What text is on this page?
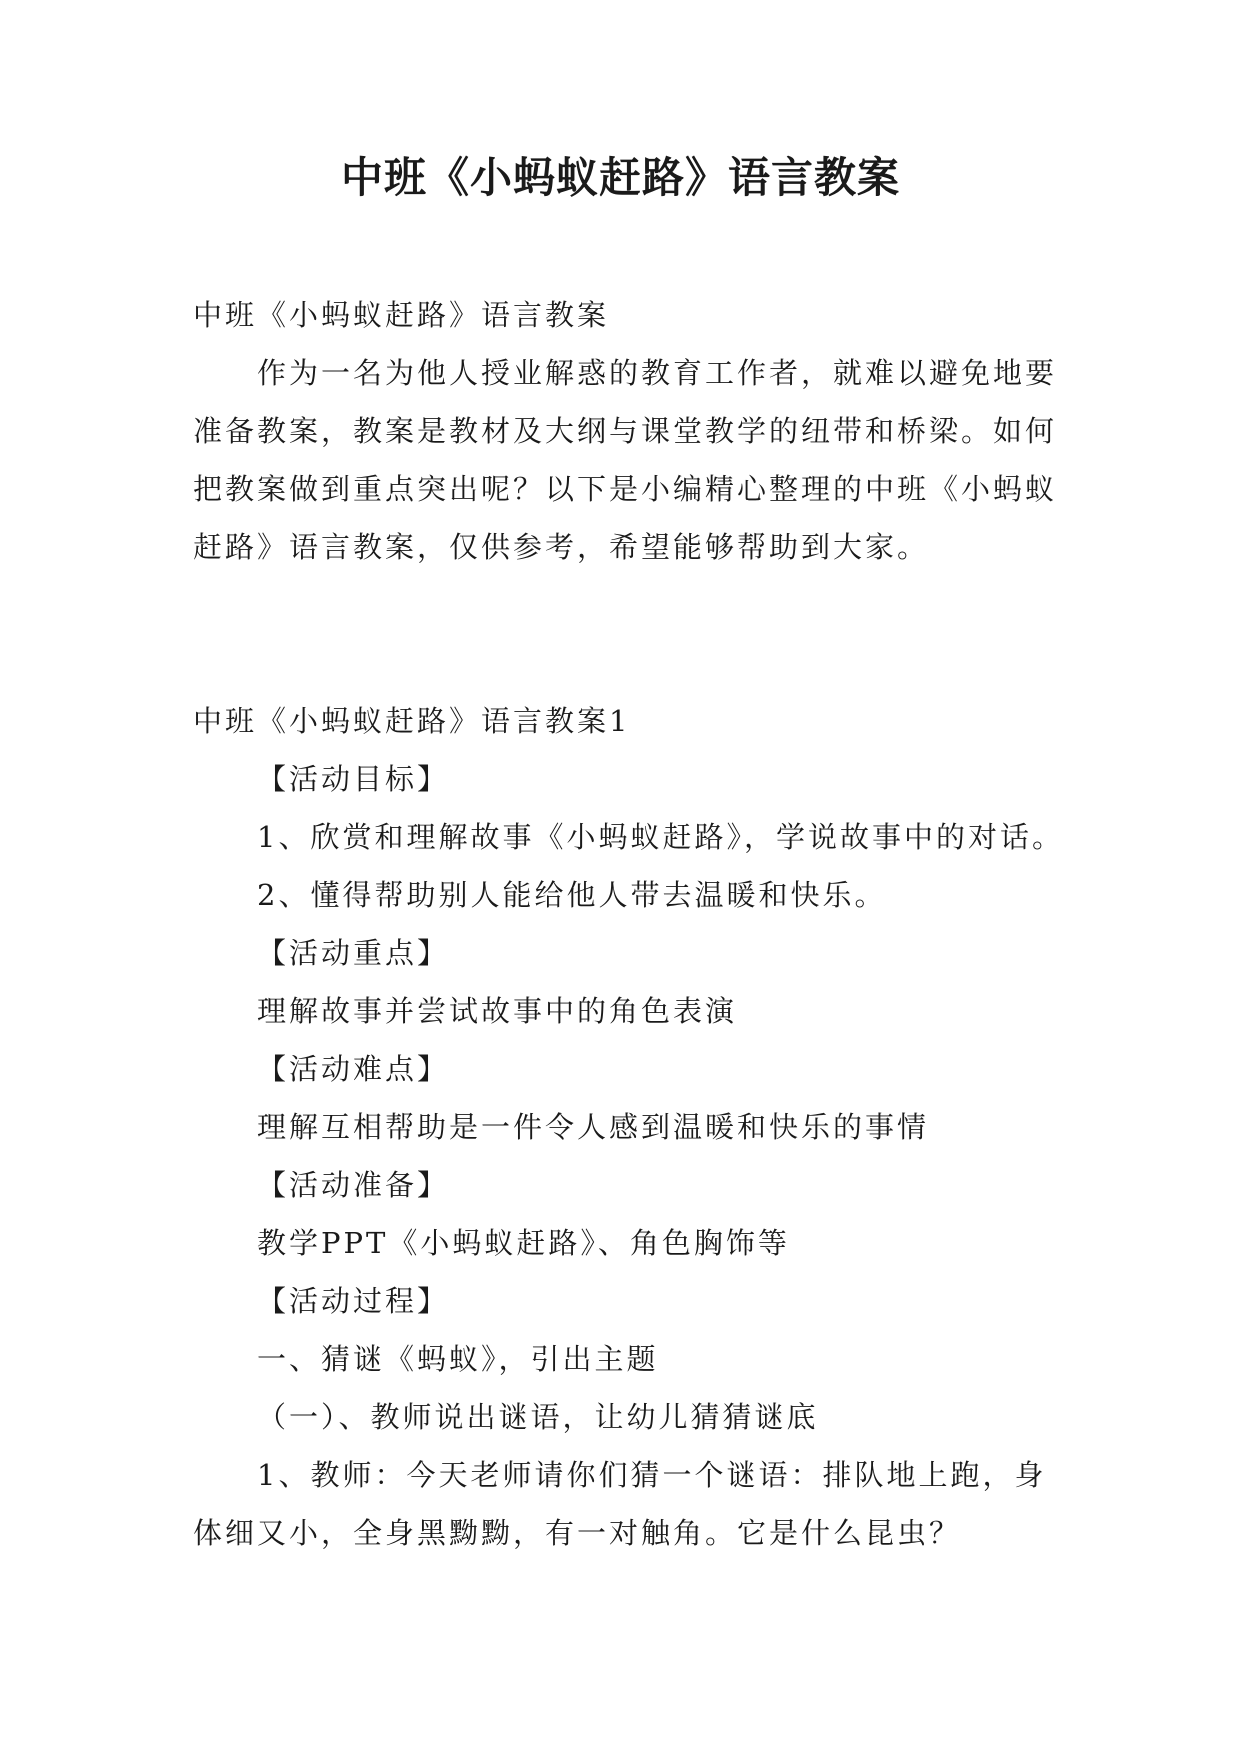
中班《小蚂蚁赶路》语言教案

中班《小蚂蚁赶路》语言教案

作为一名为他人授业解惑的教育工作者，就难以避免地要准备教案，教案是教材及大纲与课堂教学的纽带和桥梁。如何把教案做到重点突出呢？以下是小编精心整理的中班《小蚂蚁赶路》语言教案，仅供参考，希望能够帮助到大家。

中班《小蚂蚁赶路》语言教案1

【活动目标】

1、欣赏和理解故事《小蚂蚁赶路》，学说故事中的对话。

2、懂得帮助别人能给他人带去温暖和快乐。

【活动重点】

理解故事并尝试故事中的角色表演

【活动难点】

理解互相帮助是一件令人感到温暖和快乐的事情

【活动准备】

教学PPT《小蚂蚁赶路》、角色胸饰等

【活动过程】

一、猜谜《蚂蚁》，引出主题

（一）、教师说出谜语，让幼儿猜猜谜底

1、教师：今天老师请你们猜一个谜语：排队地上跑，身体细又小，全身黑黝黝，有一对触角。它是什么昆虫？
